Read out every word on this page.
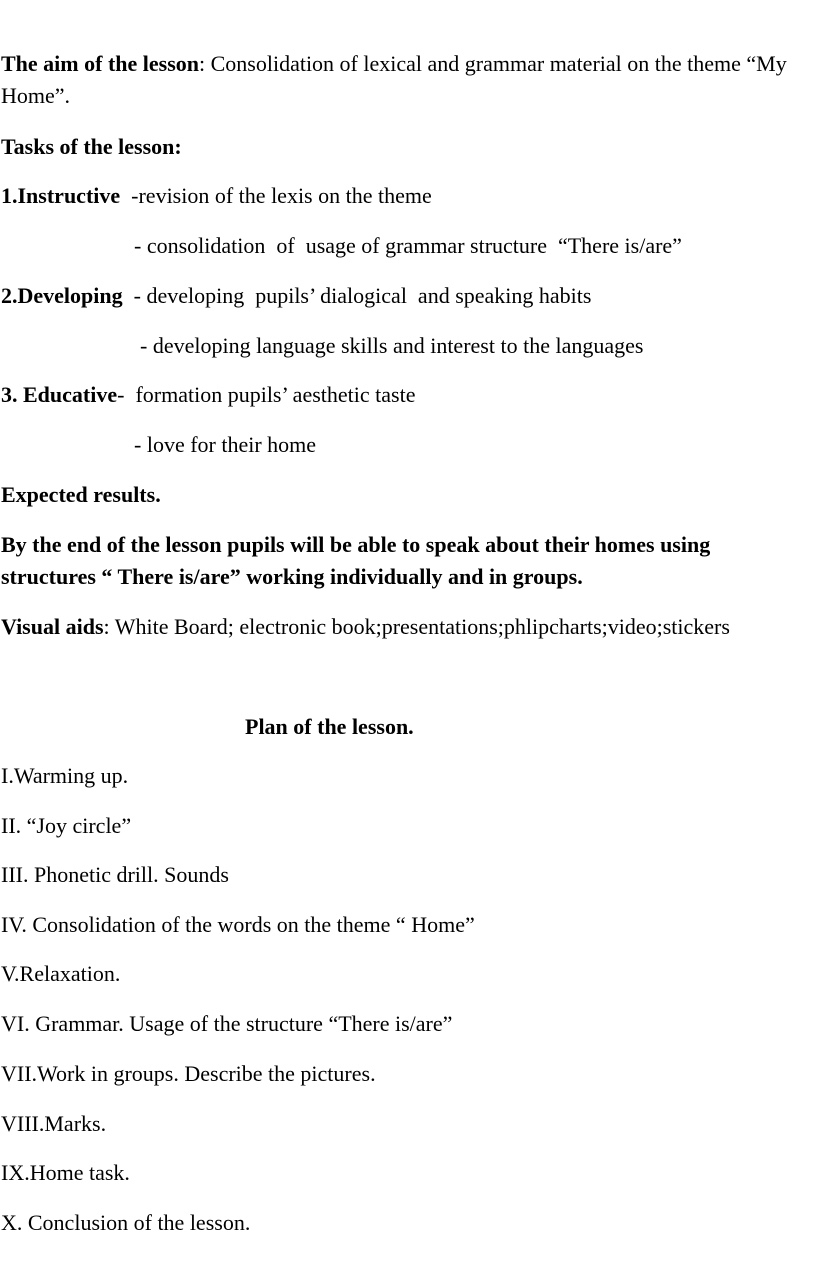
The aim of the lesson: Consolidation of lexical and grammar material on the theme “My Home”.
Tasks of the lesson:
1.Instructive  -revision of the lexis on the theme
- consolidation  of  usage of grammar structure  “There is/are”
2.Developing  - developing  pupils’ dialogical  and speaking habits
- developing language skills and interest to the languages
3. Educative-  formation pupils’ aesthetic taste
- love for their home
Expected results.
By the end of the lesson pupils will be able to speak about their homes using structures “ There is/are” working individually and in groups.
Visual aids: White Board; electronic book;presentations;phlipcharts;video;stickers
Plan of the lesson.
I.Warming up.
II. “Joy circle”
III. Phonetic drill. Sounds
IV. Consolidation of the words on the theme “ Home”
V.Relaxation.
VI. Grammar. Usage of the structure “There is/are”
VII.Work in groups. Describe the pictures.
VIII.Marks.
IX.Home task.
X. Conclusion of the lesson.
